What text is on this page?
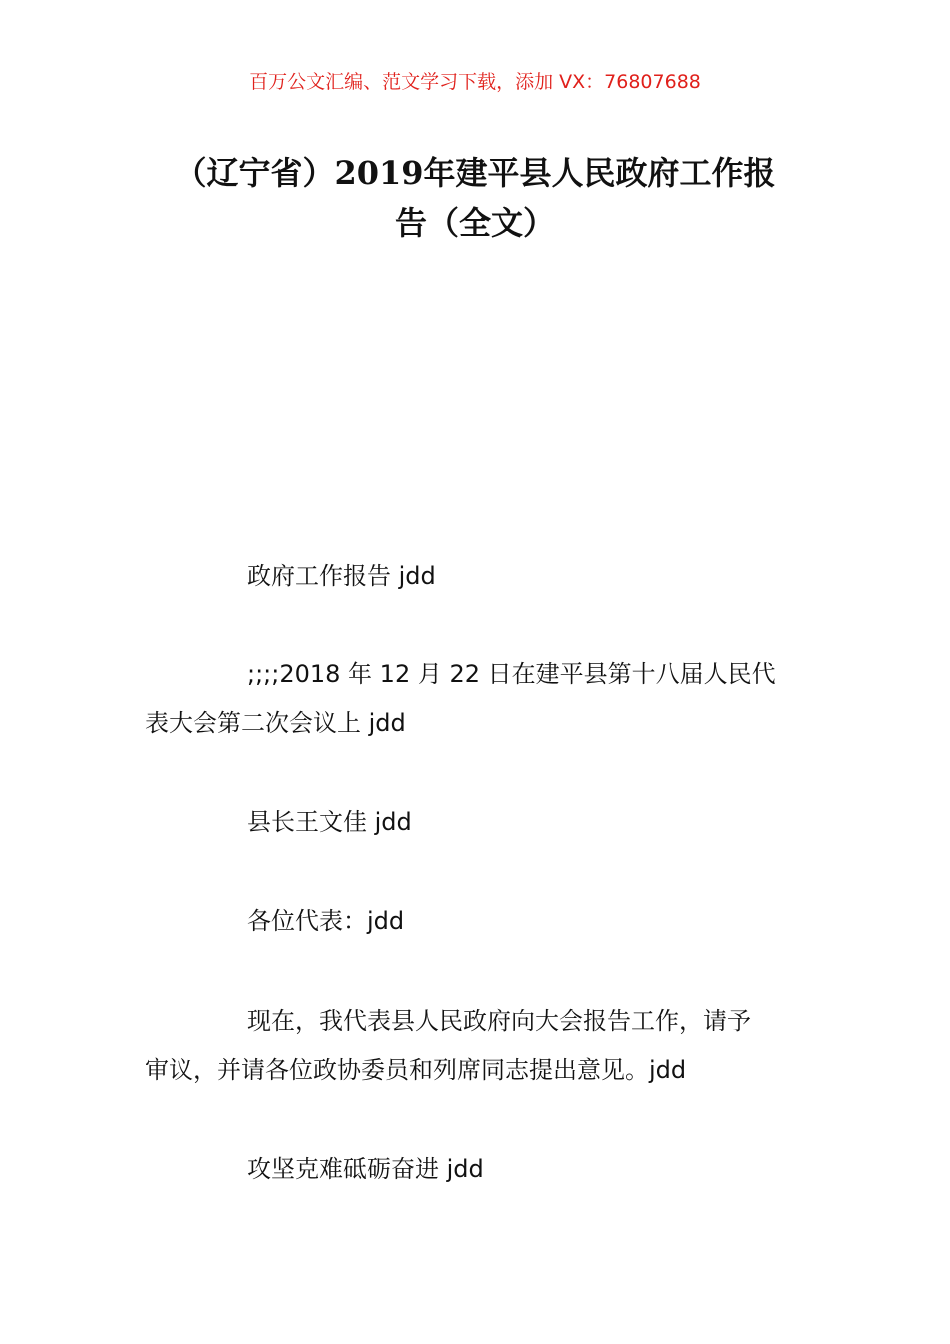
百万公文汇编、范文学习下载，添加 VX：76807688
（辽宁省）2019年建平县人民政府工作报
告（全文）
政府工作报告 jdd
;;;;2018 年 12 月 22 日在建平县第十八届人民代
表大会第二次会议上 jdd
县长王文佳 jdd
各位代表：jdd
现在，我代表县人民政府向大会报告工作，请予
审议，并请各位政协委员和列席同志提出意见。jdd
攻坚克难砥砺奋进 jdd
